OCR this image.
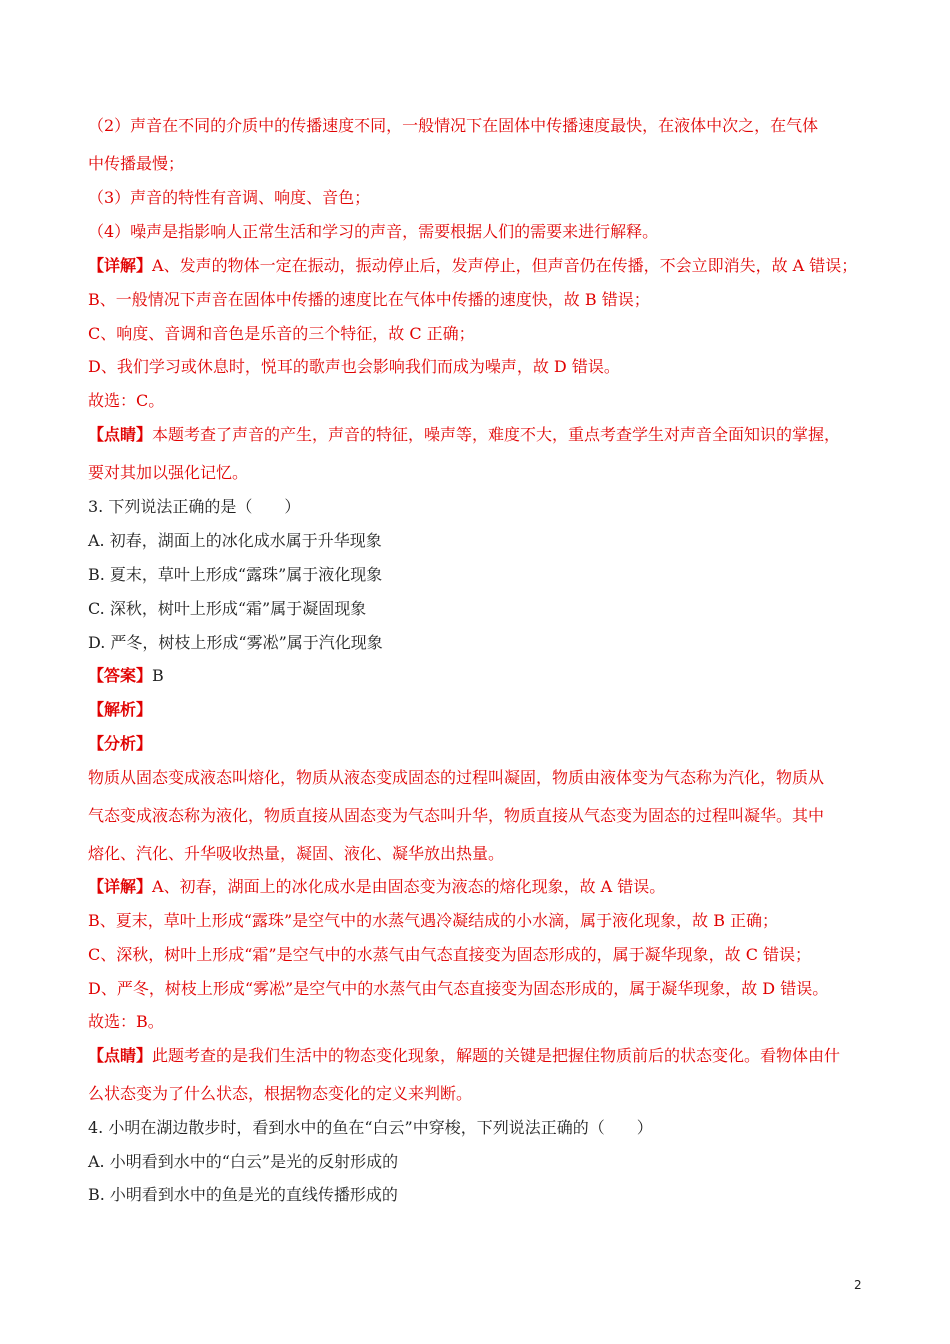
（2）声音在不同的介质中的传播速度不同，一般情况下在固体中传播速度最快，在液体中次之，在气体
中传播最慢；
（3）声音的特性有音调、响度、音色；
（4）噪声是指影响人正常生活和学习的声音，需要根据人们的需要来进行解释。
【详解】A、发声的物体一定在振动，振动停止后，发声停止，但声音仍在传播，不会立即消失，故 A 错误；
B、一般情况下声音在固体中传播的速度比在气体中传播的速度快，故 B 错误；
C、响度、音调和音色是乐音的三个特征，故 C 正确；
D、我们学习或休息时，悦耳的歌声也会影响我们而成为噪声，故 D 错误。
故选：C。
【点睛】本题考查了声音的产生，声音的特征，噪声等，难度不大，重点考查学生对声音全面知识的掌握，
要对其加以强化记忆。
3. 下列说法正确的是（　　）
A. 初春，湖面上的冰化成水属于升华现象
B. 夏末，草叶上形成“露珠”属于液化现象
C. 深秋，树叶上形成“霜”属于凝固现象
D. 严冬，树枝上形成“雾凇”属于汽化现象
【答案】B
【解析】
【分析】
物质从固态变成液态叫熔化，物质从液态变成固态的过程叫凝固，物质由液体变为气态称为汽化，物质从
气态变成液态称为液化，物质直接从固态变为气态叫升华，物质直接从气态变为固态的过程叫凝华。其中
熔化、汽化、升华吸收热量，凝固、液化、凝华放出热量。
【详解】A、初春，湖面上的冰化成水是由固态变为液态的熔化现象，故 A 错误。
B、夏末，草叶上形成“露珠”是空气中的水蒸气遇冷凝结成的小水滴，属于液化现象，故 B 正确；
C、深秋，树叶上形成“霜”是空气中的水蒸气由气态直接变为固态形成的，属于凝华现象，故 C 错误；
D、严冬，树枝上形成“雾凇”是空气中的水蒸气由气态直接变为固态形成的，属于凝华现象，故 D 错误。
故选：B。
【点睛】此题考查的是我们生活中的物态变化现象，解题的关键是把握住物质前后的状态变化。看物体由什
么状态变为了什么状态，根据物态变化的定义来判断。
4. 小明在湖边散步时，看到水中的鱼在“白云”中穿梭，下列说法正确的（　　）
A. 小明看到水中的“白云”是光的反射形成的
B. 小明看到水中的鱼是光的直线传播形成的
2
